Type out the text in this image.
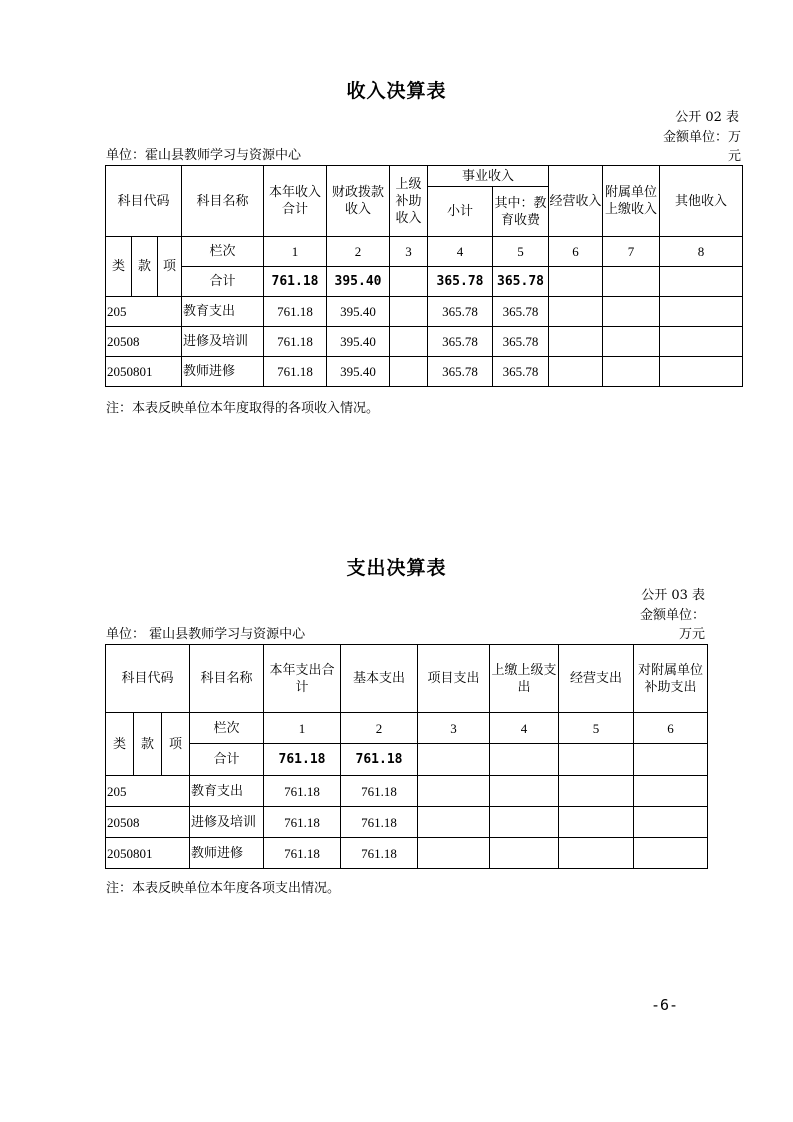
收入决算表
公开 02 表
金额单位：万
元
单位：霍山县教师学习与资源中心
科目代码			科目名称	本年收入合计	财政拨款收入	上级补助收入	事业收入		经营收入	附属单位上缴收入	其他收入
							小计	其中：教育收费			
类	款	项	栏次	1	2	3	4	5	6	7	8
			合计	761.18	395.40		365.78	365.78			
205			教育支出	761.18	395.40		365.78	365.78			
20508			进修及培训	761.18	395.40		365.78	365.78			
2050801			教师进修	761.18	395.40		365.78	365.78			
注：本表反映单位本年度取得的各项收入情况。
支出决算表
公开 03 表
金额单位：
万元
单位： 霍山县教师学习与资源中心
科目代码			科目名称	本年支出合计	基本支出	项目支出	上缴上级支出	经营支出	对附属单位补助支出
类	款	项	栏次	1	2	3	4	5	6
			合计	761.18	761.18				
205			教育支出	761.18	761.18				
20508			进修及培训	761.18	761.18				
2050801			教师进修	761.18	761.18				
注：本表反映单位本年度各项支出情况。
-6-
